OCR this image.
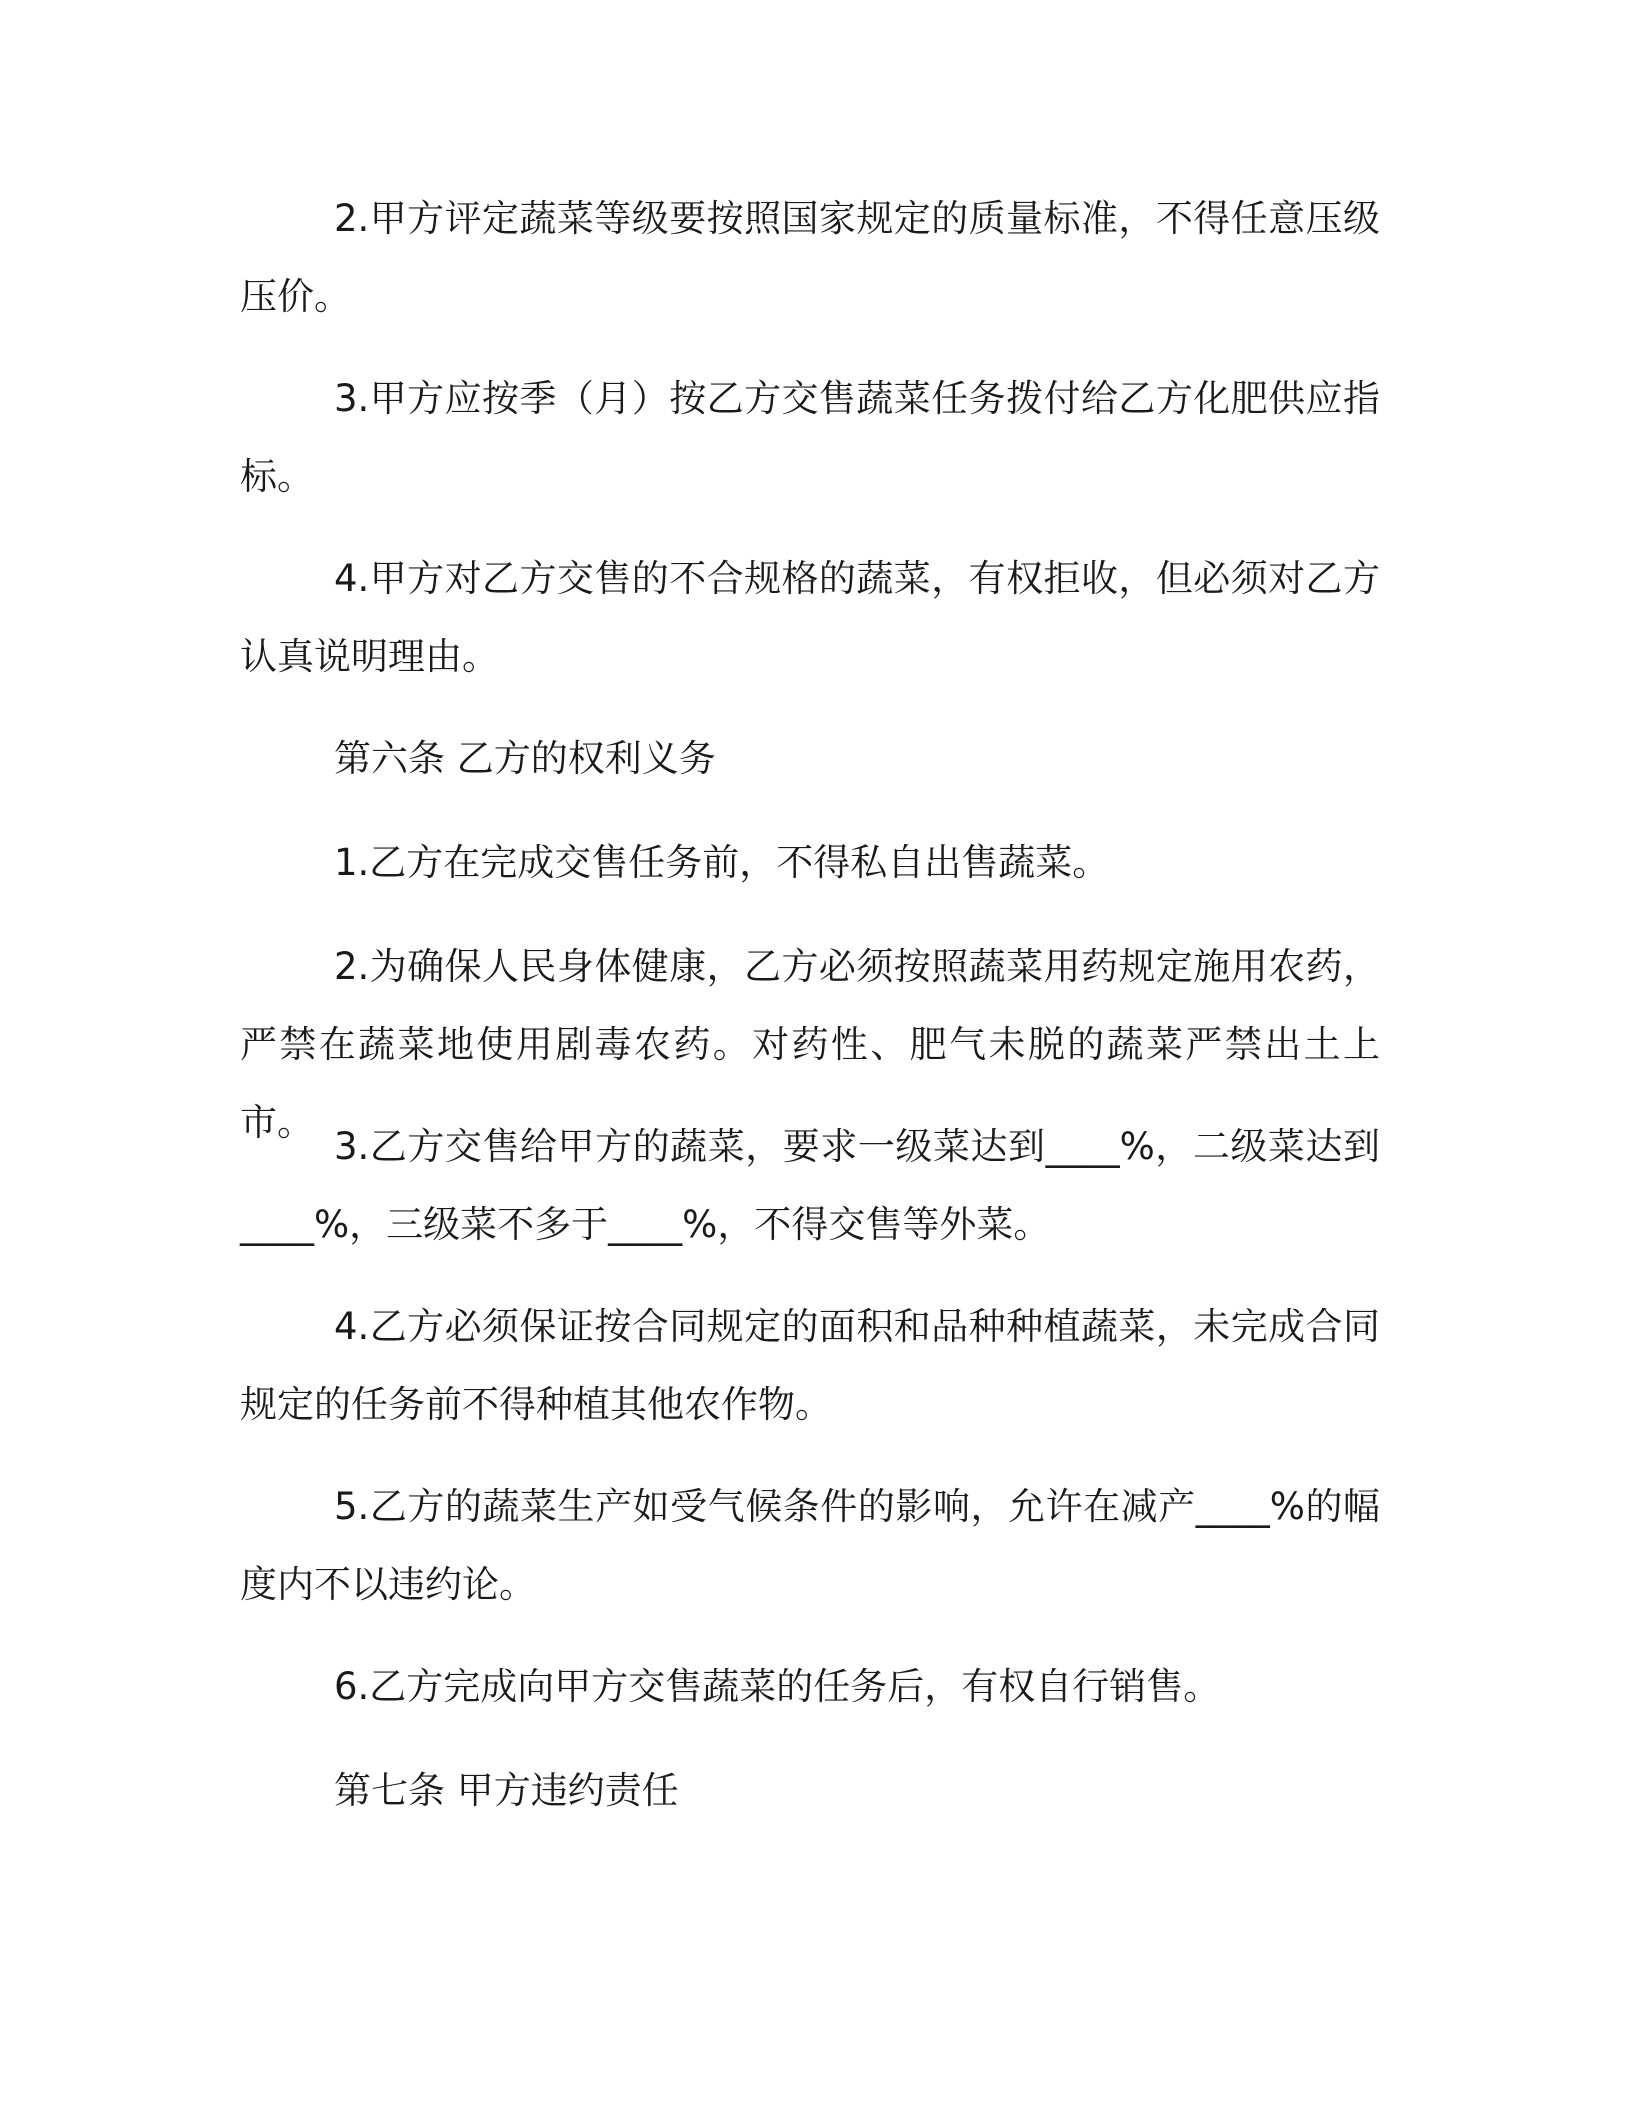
2.甲方评定蔬菜等级要按照国家规定的质量标准，不得任意压级压价。

3.甲方应按季（月）按乙方交售蔬菜任务拨付给乙方化肥供应指标。

4.甲方对乙方交售的不合规格的蔬菜，有权拒收，但必须对乙方认真说明理由。

第六条 乙方的权利义务

1.乙方在完成交售任务前，不得私自出售蔬菜。

2.为确保人民身体健康，乙方必须按照蔬菜用药规定施用农药，严禁在蔬菜地使用剧毒农药。对药性、肥气未脱的蔬菜严禁出土上市。

3.乙方交售给甲方的蔬菜，要求一级菜达到____%，二级菜达到____%，三级菜不多于____%，不得交售等外菜。

4.乙方必须保证按合同规定的面积和品种种植蔬菜，未完成合同规定的任务前不得种植其他农作物。

5.乙方的蔬菜生产如受气候条件的影响，允许在减产____%的幅度内不以违约论。

6.乙方完成向甲方交售蔬菜的任务后，有权自行销售。

第七条 甲方违约责任
